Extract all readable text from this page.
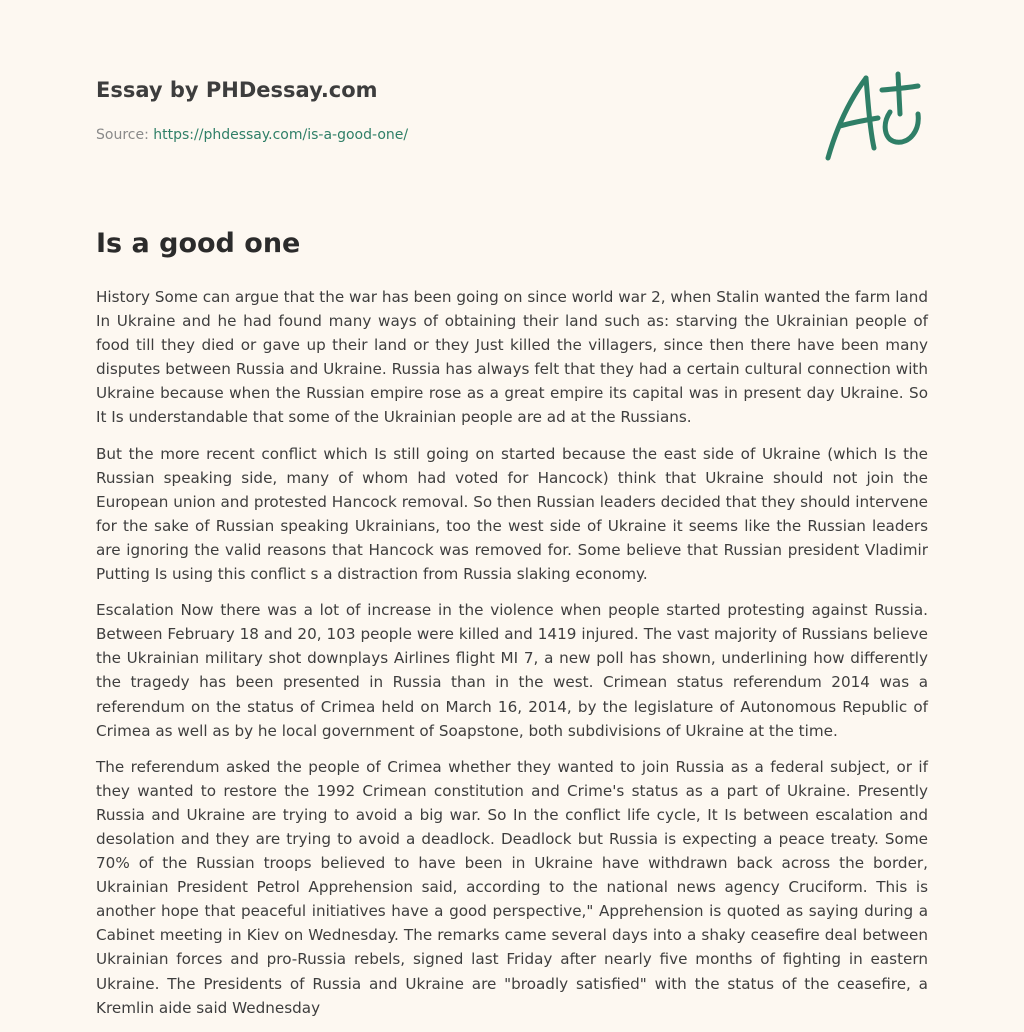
Essay by PHDessay.com
Source: https://phdessay.com/is-a-good-one/
Is a good one

History Some can argue that the war has been going on since world war 2, when Stalin wanted the farm land In Ukraine and he had found many ways of obtaining their land such as: starving the Ukrainian people of food till they died or gave up their land or they Just killed the villagers, since then there have been many disputes between Russia and Ukraine. Russia has always felt that they had a certain cultural connection with Ukraine because when the Russian empire rose as a great empire its capital was in present day Ukraine. So It Is understandable that some of the Ukrainian people are ad at the Russians.

But the more recent conflict which Is still going on started because the east side of Ukraine (which Is the Russian speaking side, many of whom had voted for Hancock) think that Ukraine should not join the European union and protested Hancock removal. So then Russian leaders decided that they should intervene for the sake of Russian speaking Ukrainians, too the west side of Ukraine it seems like the Russian leaders are ignoring the valid reasons that Hancock was removed for. Some believe that Russian president Vladimir Putting Is using this conflict s a distraction from Russia slaking economy.

Escalation Now there was a lot of increase in the violence when people started protesting against Russia. Between February 18 and 20, 103 people were killed and 1419 injured. The vast majority of Russians believe the Ukrainian military shot downplays Airlines flight MI 7, a new poll has shown, underlining how differently the tragedy has been presented in Russia than in the west. Crimean status referendum 2014 was a referendum on the status of Crimea held on March 16, 2014, by the legislature of Autonomous Republic of Crimea as well as by he local government of Soapstone, both subdivisions of Ukraine at the time.

The referendum asked the people of Crimea whether they wanted to join Russia as a federal subject, or if they wanted to restore the 1992 Crimean constitution and Crime's status as a part of Ukraine. Presently Russia and Ukraine are trying to avoid a big war. So In the conflict life cycle, It Is between escalation and desolation and they are trying to avoid a deadlock. Deadlock but Russia is expecting a peace treaty. Some 70% of the Russian troops believed to have been in Ukraine have withdrawn back across the border, Ukrainian President Petrol Apprehension said, according to the national news agency Cruciform. This is another hope that peaceful initiatives have a good perspective," Apprehension is quoted as saying during a Cabinet meeting in Kiev on Wednesday. The remarks came several days into a shaky ceasefire deal between Ukrainian forces and pro-Russia rebels, signed last Friday after nearly five months of fighting in eastern Ukraine. The Presidents of Russia and Ukraine are "broadly satisfied" with the status of the ceasefire, a Kremlin aide said Wednesday
